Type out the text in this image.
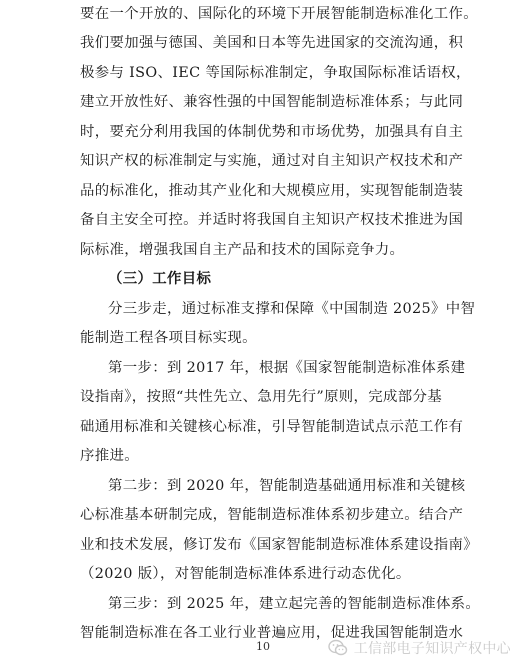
要在一个开放的、国际化的环境下开展智能制造标准化工作。
我们要加强与德国、美国和日本等先进国家的交流沟通，积
极参与 ISO、IEC 等国际标准制定，争取国际标准话语权，
建立开放性好、兼容性强的中国智能制造标准体系；与此同
时，要充分利用我国的体制优势和市场优势，加强具有自主
知识产权的标准制定与实施，通过对自主知识产权技术和产
品的标准化，推动其产业化和大规模应用，实现智能制造装
备自主安全可控。并适时将我国自主知识产权技术推进为国
际标准，增强我国自主产品和技术的国际竞争力。
（三）工作目标
分三步走，通过标准支撑和保障《中国制造 2025》中智
能制造工程各项目标实现。
第一步：到 2017 年，根据《国家智能制造标准体系建
设指南》，按照“共性先立、急用先行”原则，完成部分基
础通用标准和关键核心标准，引导智能制造试点示范工作有
序推进。
第二步：到 2020 年，智能制造基础通用标准和关键核
心标准基本研制完成，智能制造标准体系初步建立。结合产
业和技术发展，修订发布《国家智能制造标准体系建设指南》
（2020 版），对智能制造标准体系进行动态优化。
第三步：到 2025 年，建立起完善的智能制造标准体系。
智能制造标准在各工业行业普遍应用，促进我国智能制造水
10	工信部电子知识产权中心
